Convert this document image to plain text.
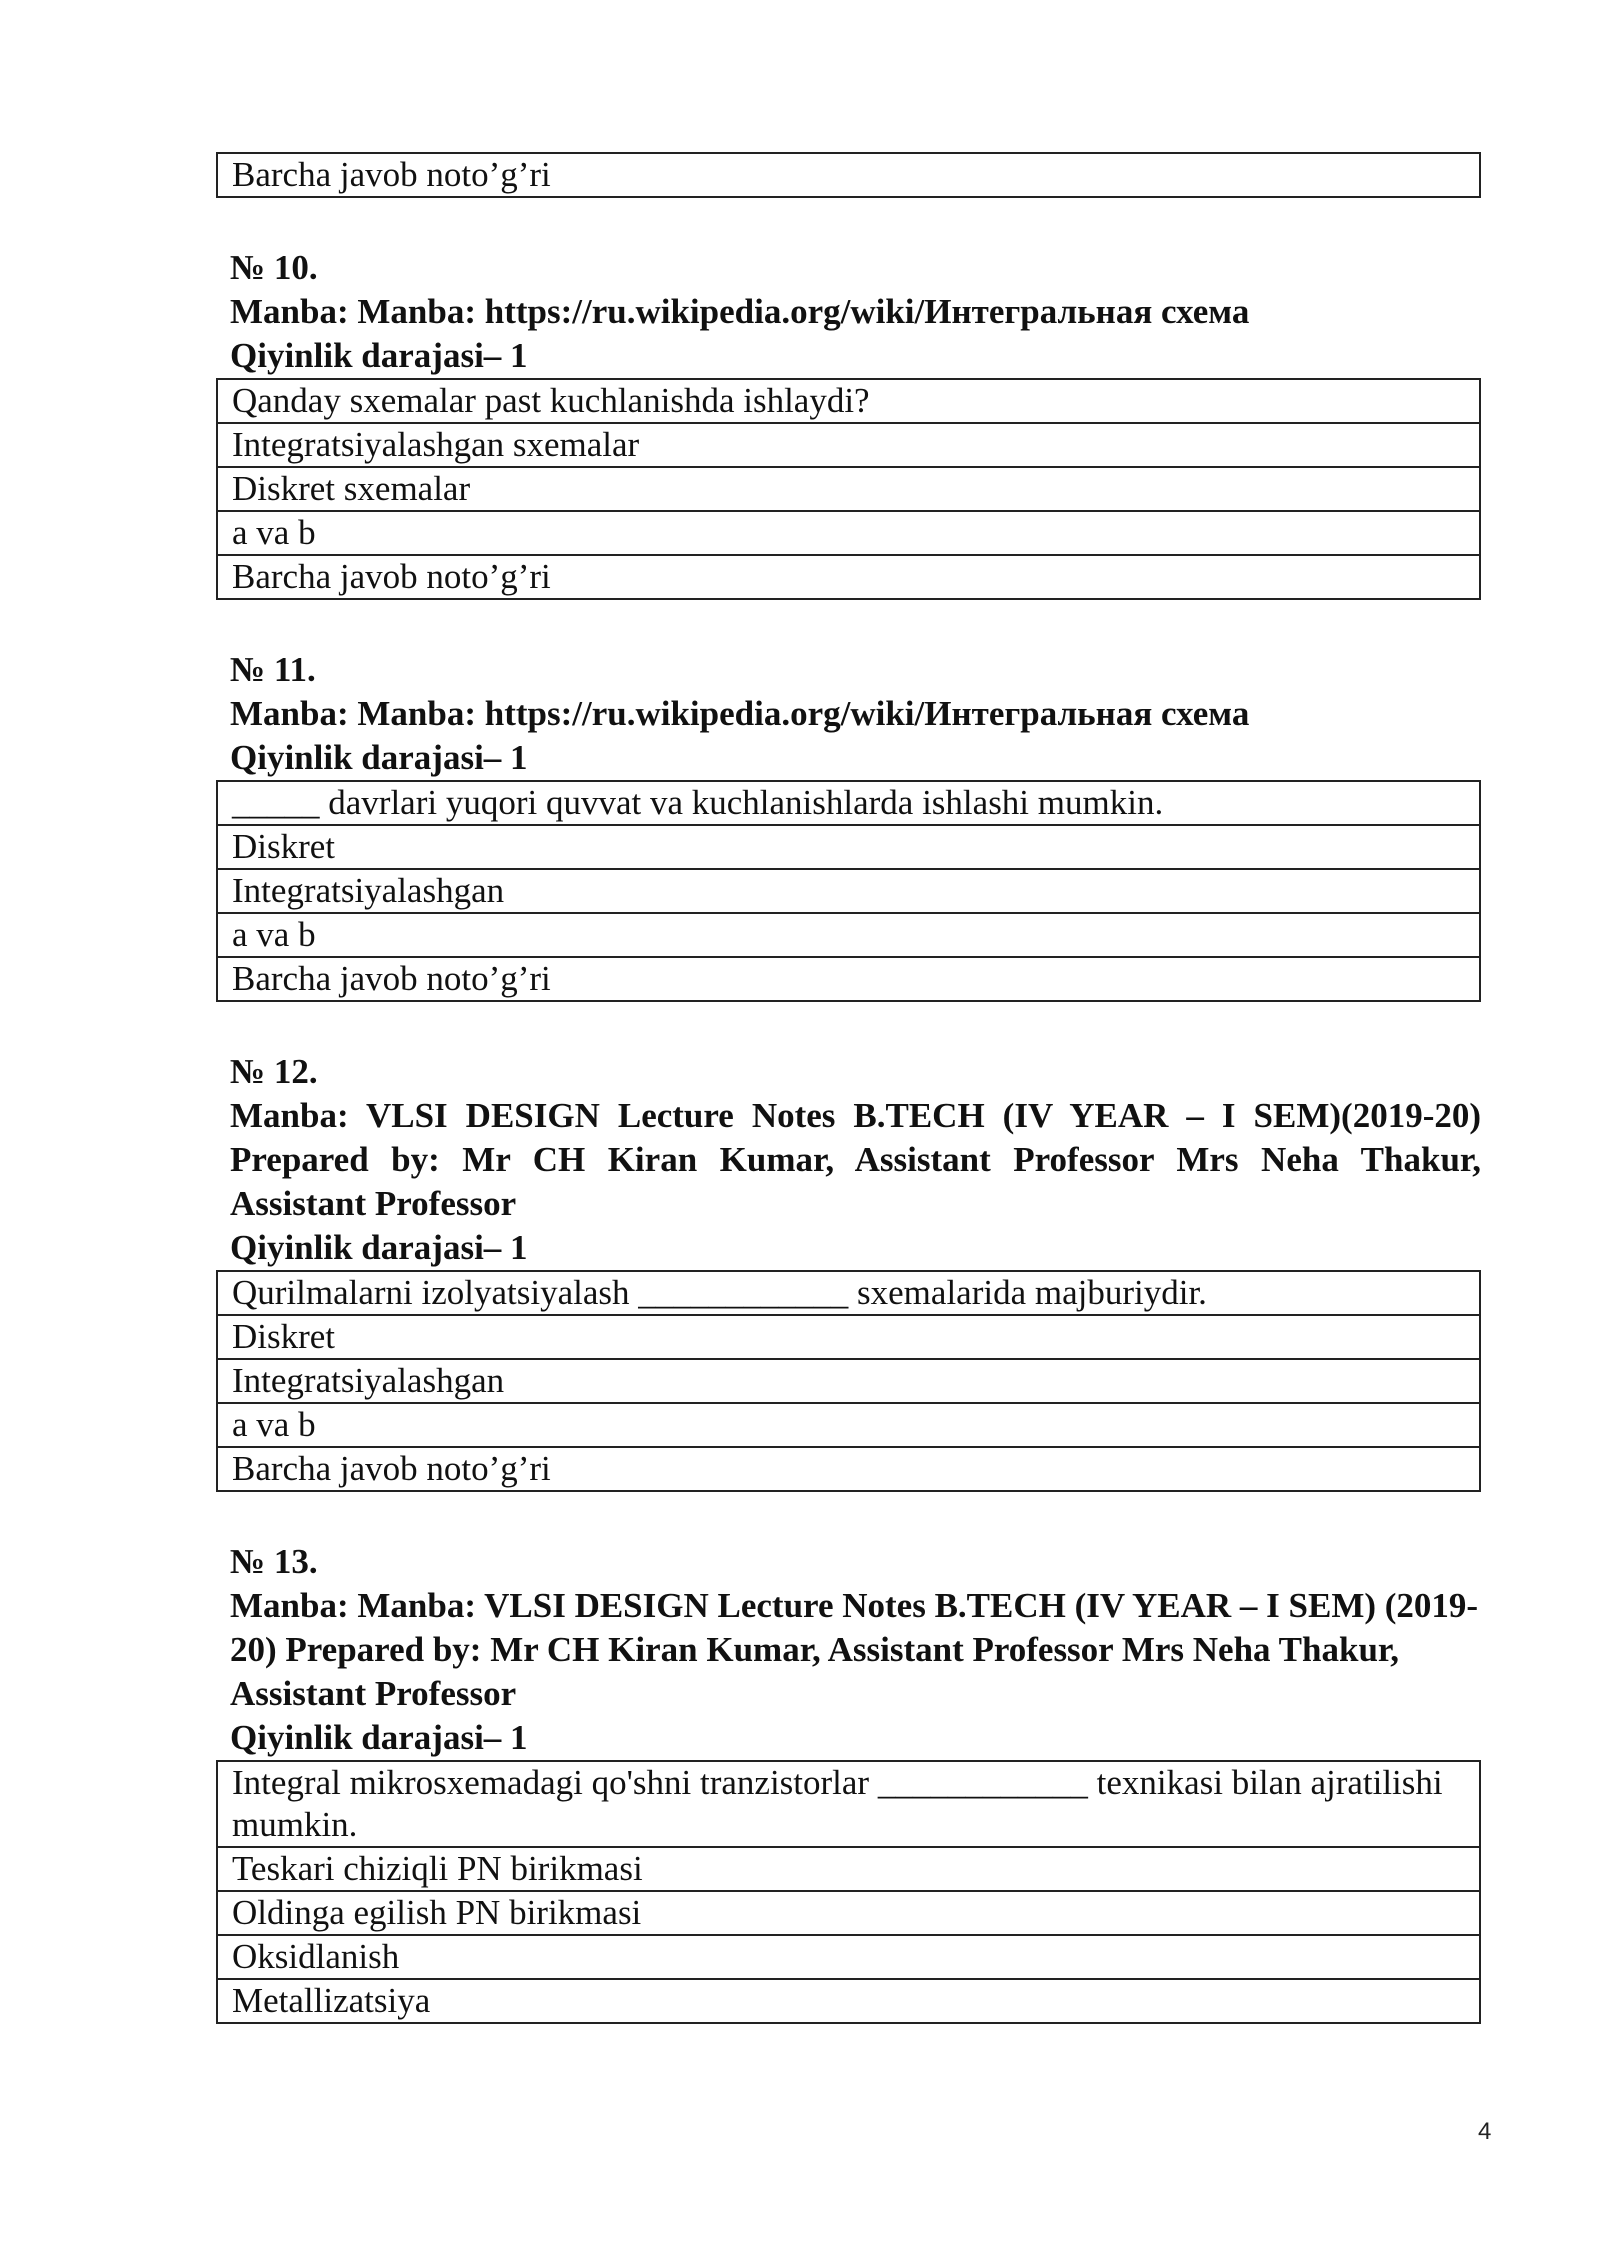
Barcha javob noto’g’ri
№ 10.
Manba: Manba: https://ru.wikipedia.org/wiki/Интегральная схема
Qiyinlik darajasi– 1
Qanday sxemalar past kuchlanishda ishlaydi?
Integratsiyalashgan sxemalar
Diskret sxemalar
a va b
Barcha javob noto’g’ri
№ 11.
Manba: Manba: https://ru.wikipedia.org/wiki/Интегральная схема
Qiyinlik darajasi– 1
_____ davrlari yuqori quvvat va kuchlanishlarda ishlashi mumkin.
Diskret
Integratsiyalashgan
a va b
Barcha javob noto’g’ri
№ 12.
Manba: VLSI DESIGN Lecture Notes B.TECH (IV YEAR – I SEM)(2019-20) Prepared by: Mr CH Kiran Kumar, Assistant Professor Mrs Neha Thakur, Assistant Professor
Qiyinlik darajasi– 1
Qurilmalarni izolyatsiyalash ____________ sxemalarida majburiydir.
Diskret
Integratsiyalashgan
a va b
Barcha javob noto’g’ri
№ 13.
Manba: Manba: VLSI DESIGN Lecture Notes B.TECH (IV YEAR – I SEM) (2019-20) Prepared by: Mr CH Kiran Kumar, Assistant Professor Mrs Neha Thakur, Assistant Professor
Qiyinlik darajasi– 1
Integral mikrosxemadagi qo'shni tranzistorlar ____________ texnikasi bilan ajratilishi mumkin.
Teskari chiziqli PN birikmasi
Oldinga egilish PN birikmasi
Oksidlanish
Metallizatsiya
4
